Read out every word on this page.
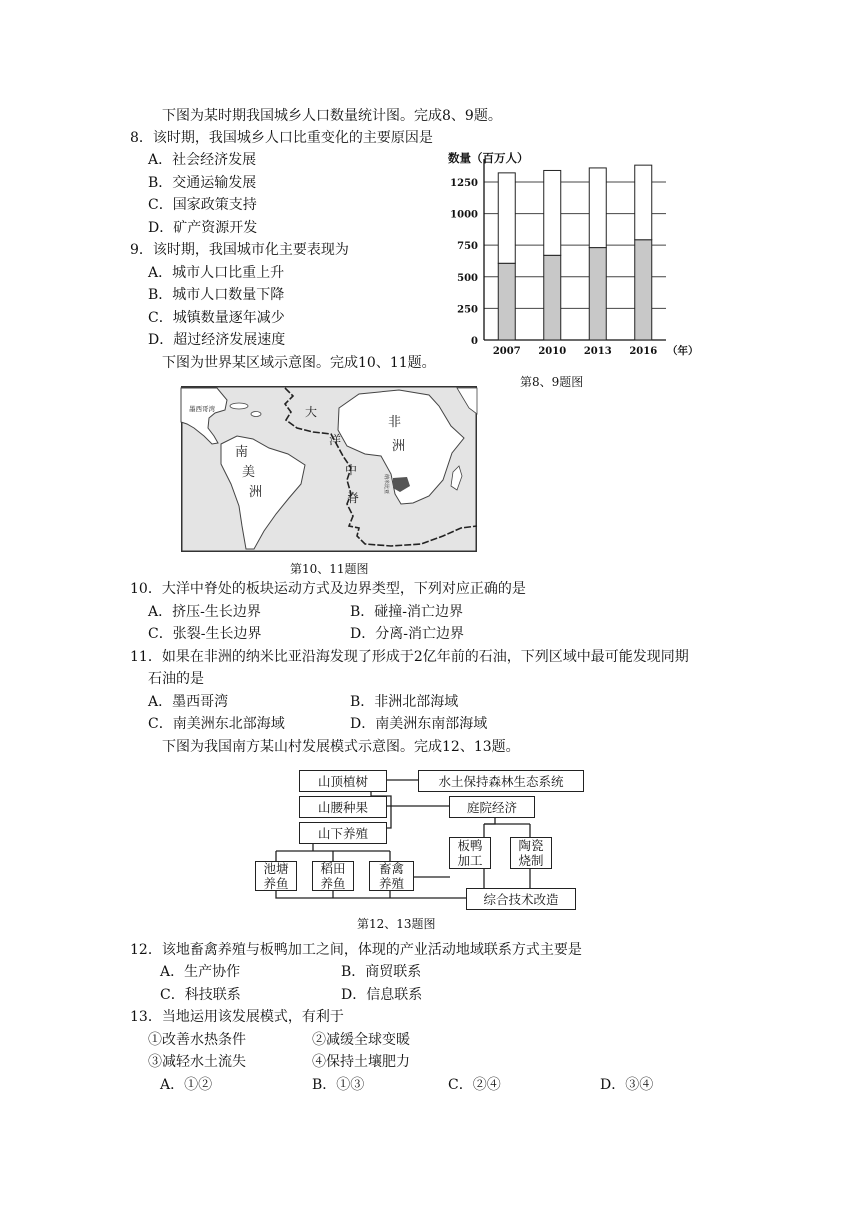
下图为某时期我国城乡人口数量统计图。完成8、9题。
8．该时期，我国城乡人口比重变化的主要原因是
A．社会经济发展
B．交通运输发展
C．国家政策支持
D．矿产资源开发
9．该时期，我国城市化主要表现为
A．城市人口比重上升
B．城市人口数量下降
C．城镇数量逐年减少
D．超过经济发展速度
数量（百万人）
0
250
500
750
1000
1250
2007 2010 2013 2016 （年）
第8、9题图
下图为世界某区域示意图。完成10、11题。
墨西哥湾
南
美
洲
非
洲
大
洋
中
脊
纳米比亚
第10、11题图
10．大洋中脊处的板块运动方式及边界类型，下列对应正确的是
A．挤压-生长边界	B．碰撞-消亡边界
C．张裂-生长边界	D．分离-消亡边界
11．如果在非洲的纳米比亚沿海发现了形成于2亿年前的石油，下列区域中最可能发现同期
石油的是
A．墨西哥湾	B．非洲北部海域
C．南美洲东北部海域	D．南美洲东南部海域
下图为我国南方某山村发展模式示意图。完成12、13题。
山顶植树	水土保持森林生态系统
山腰种果	庭院经济
山下养殖
板鸭
加工
陶瓷
烧制
池塘
养鱼
稻田
养鱼
畜禽
养殖
综合技术改造
第12、13题图
12．该地畜禽养殖与板鸭加工之间，体现的产业活动地域联系方式主要是
A．生产协作	B．商贸联系
C．科技联系	D．信息联系
13．当地运用该发展模式，有利于
①改善水热条件	②减缓全球变暖
③减轻水土流失	④保持土壤肥力
A．①②	B．①③	C．②④	D．③④
